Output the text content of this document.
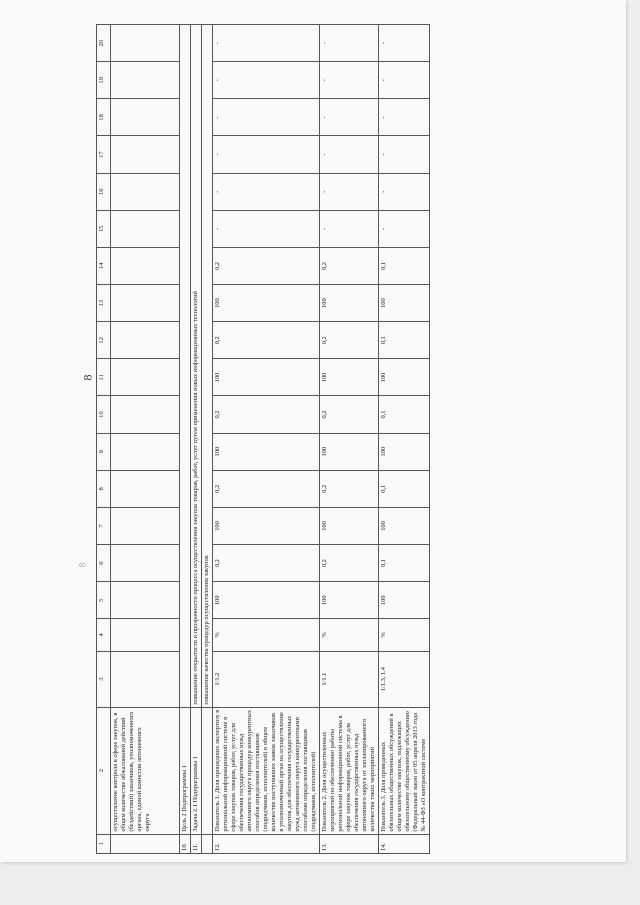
8
8
1	2	3	4	5	6	7	8	9	10	11	12	13	14	15	16	17	18	19	20
	осуществление контроля в сфере закупок, в общем количестве обжалований действий (бездействий) заказчиков, уполномоченного органа, единой комиссии автономного округа																		
10.	Цель 2 Подпрограммы 1																		
11.	Задача 2.1 Подпрограммы 1	повышение открытости и прозрачности процесса осуществления закупок товаров, работ, услуг путем применения новых информационных технологий																	
		повышение качества процедур осуществления закупок																	
12.	Показатель 1. Доля прошедших экспертизу в региональной информационной системе в сфере закупок товаров, работ, услуг для обеспечения государственных нужд автономного округа процедур конкурентных способов определения поставщиков (подрядчиков, исполнителей) в общем количестве поступивших заявок заказчиков в уполномоченный орган на осуществление закупок для обеспечения государственных нужд автономного округа конкурентными способами определения поставщиков (подрядчиков, исполнителей)	1/1.2	%	100	0,2	100	0,2	100	0,2	100	0,2	100	0,2	-	-	-	-	-	-
13.	Показатель 2. Доля осуществленных мероприятий по обеспечению работы региональной информационной системы в сфере закупок товаров, работ, услуг для обеспечения государственных нужд автономного округа от запланированного количества таких мероприятий	1/1.1	%	100	0,2	100	0,2	100	0,2	100	0,2	100	0,2	-	-	-	-	-	-
14.	Показатель 3. Доля проведенных обязательных общественных обсуждений в общем количестве закупок, подлежащих обязательному общественному обсуждению (Федеральный закон от 05 апреля 2013 года № 44-ФЗ «О контрактной системе	1/1.3, 1.4	%	100	0,1	100	0,1	100	0,1	100	0,1	100	0,1	-	-	-	-	-	-
